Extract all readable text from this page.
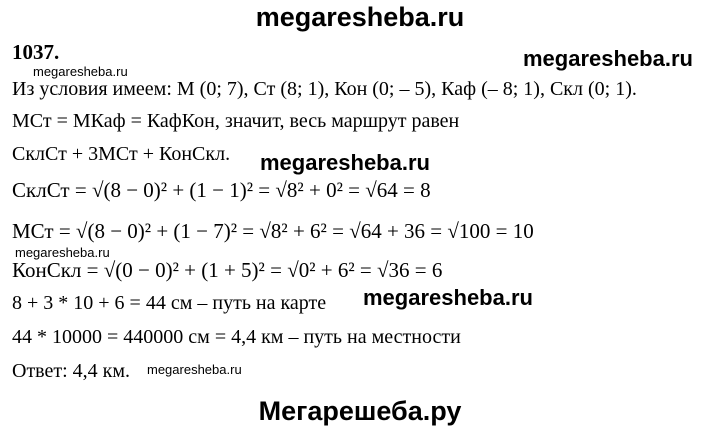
megaresheba.ru
megaresheba.ru
megaresheba.ru
megaresheba.ru
megaresheba.ru
megaresheba.ru
megaresheba.ru
Мегарешеба.ру
1037.
Из условия имеем: М (0; 7), Ст (8; 1), Кон (0; – 5), Каф (– 8; 1), Скл (0; 1).
МСт = МКаф = КафКон, значит, весь маршрут равен
СклСт + 3МСт + КонСкл.
СклСт = √(8 − 0)² + (1 − 1)² = √8² + 0² = √64 = 8
МСт = √(8 − 0)² + (1 − 7)² = √8² + 6² = √64 + 36 = √100 = 10
КонСкл = √(0 − 0)² + (1 + 5)² = √0² + 6² = √36 = 6
8 + 3 * 10 + 6 = 44 см – путь на карте
44 * 10000 = 440000 см = 4,4 км – путь на местности
Ответ: 4,4 км.
